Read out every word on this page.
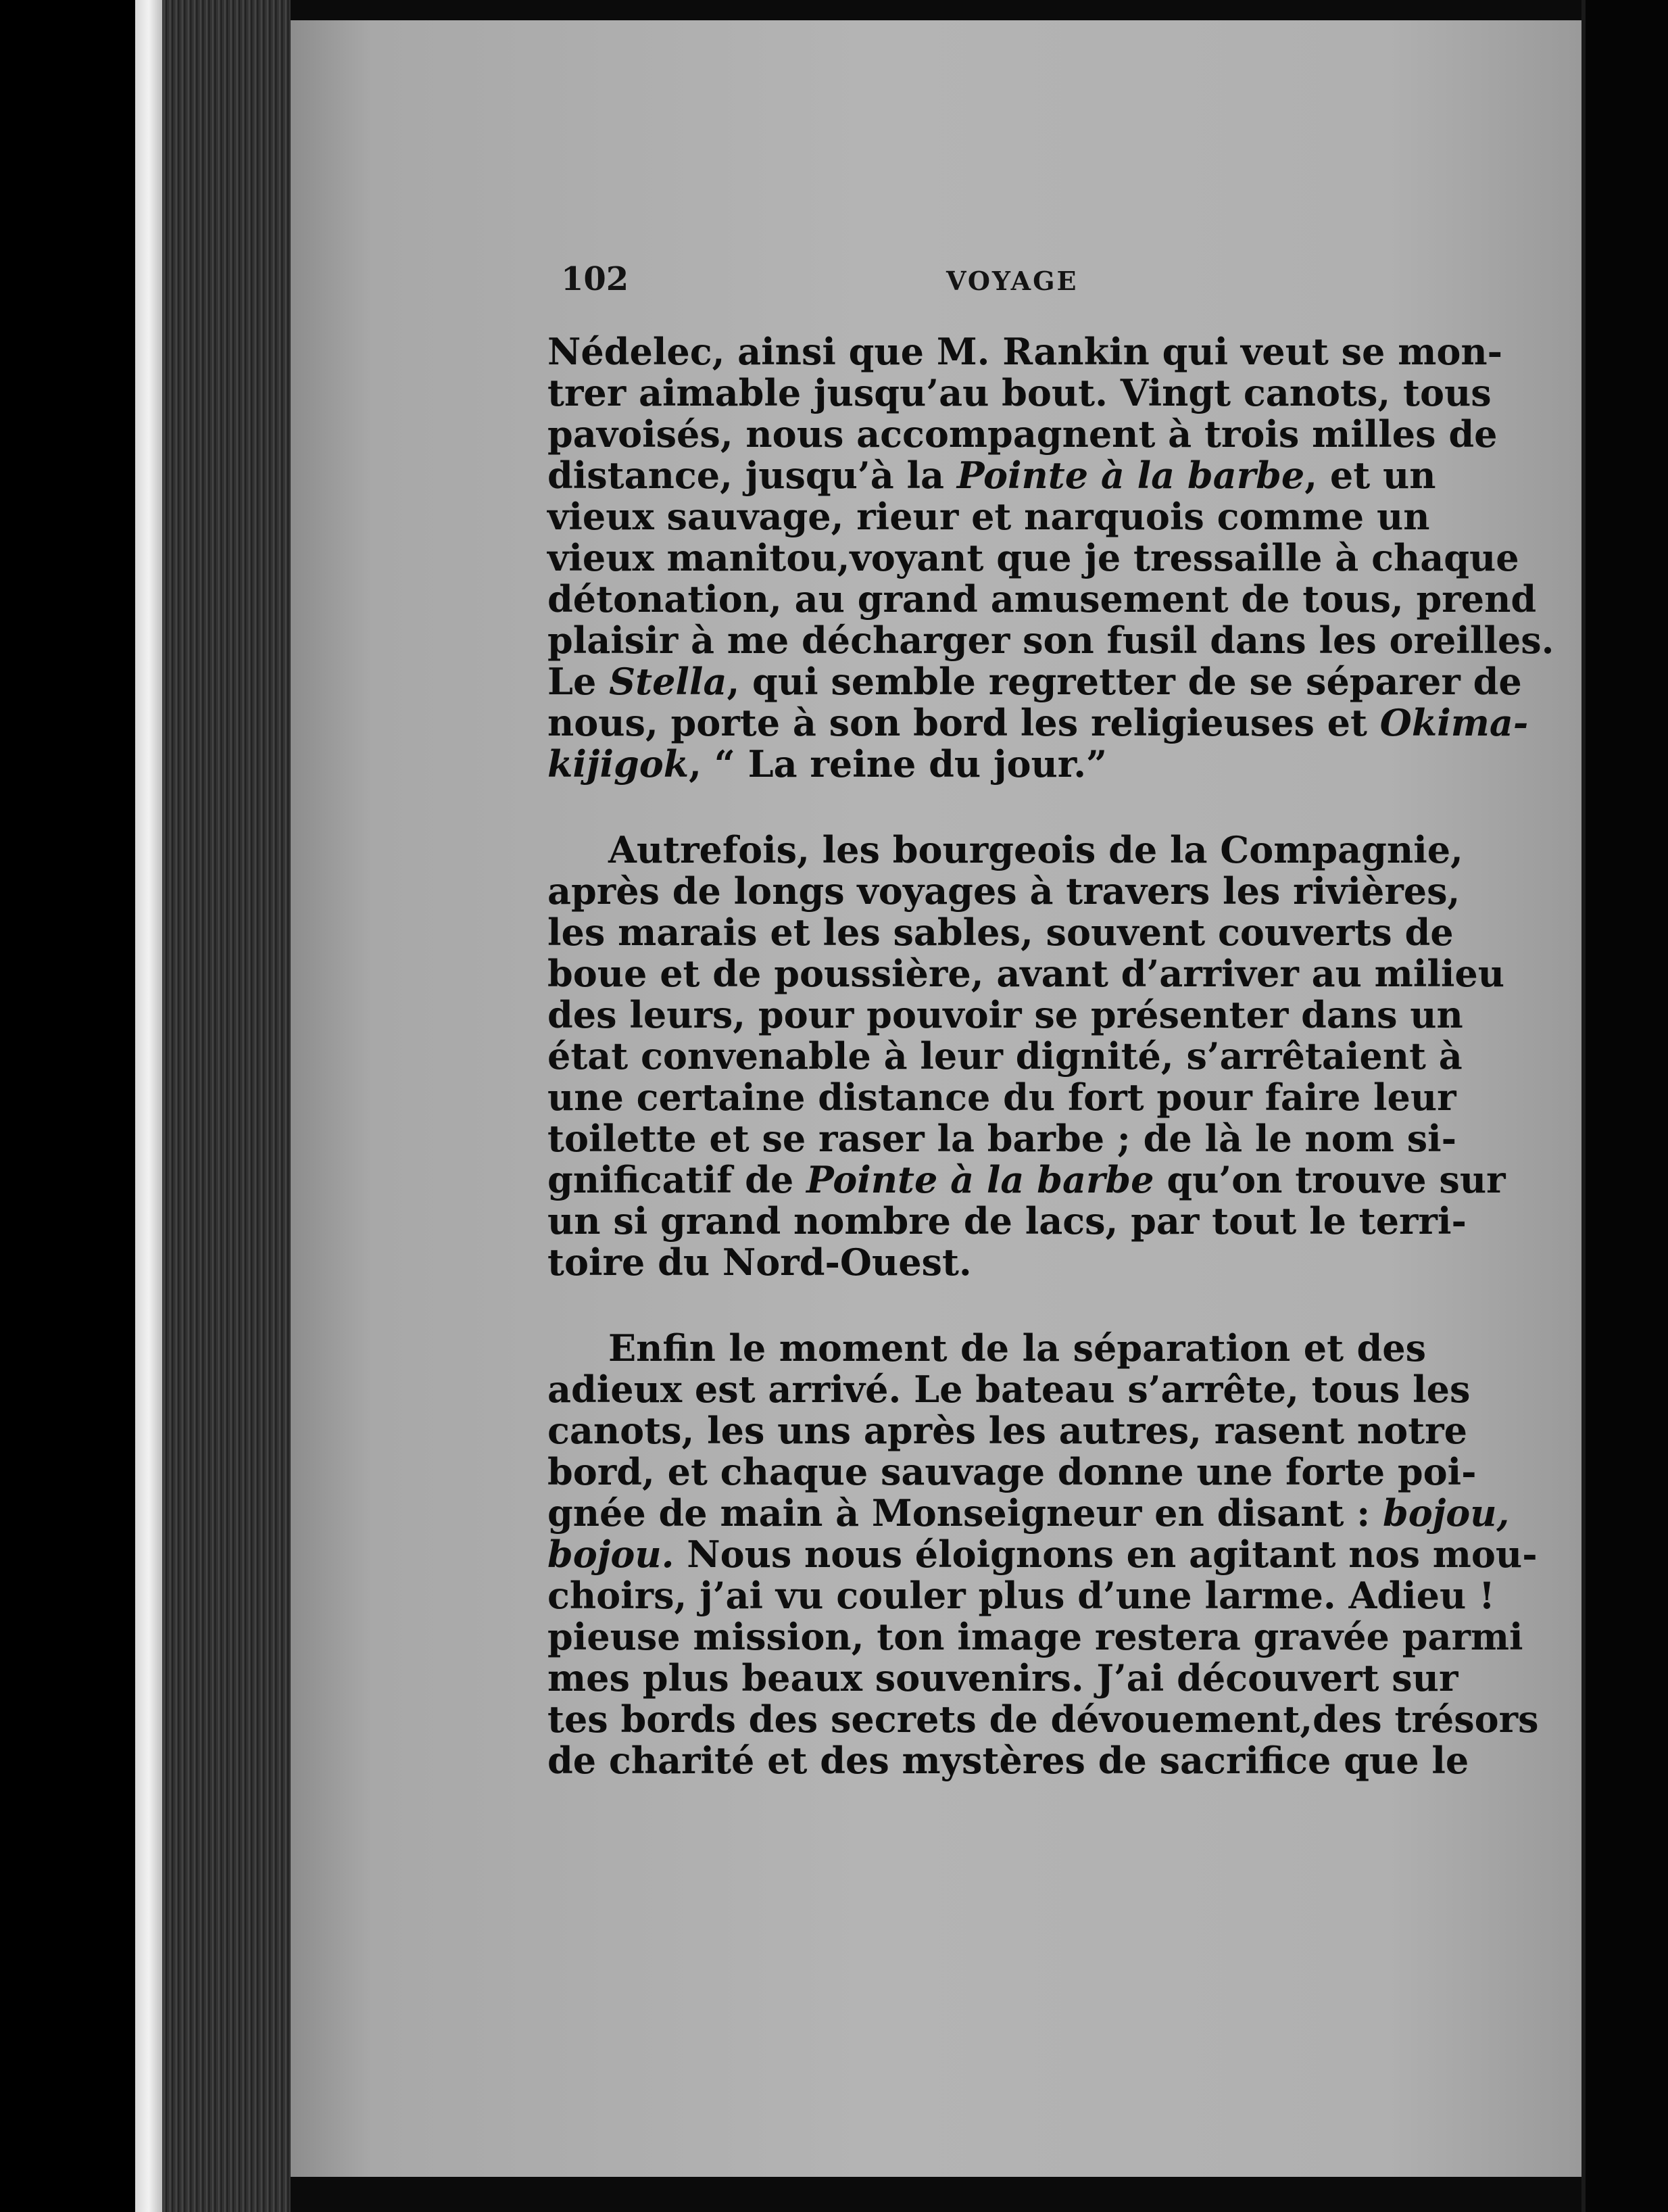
102	VOYAGE
Nédelec, ainsi que M. Rankin qui veut se mon-
trer aimable jusqu’au bout. Vingt canots, tous
pavoisés, nous accompagnent à trois milles de
distance, jusqu’à la Pointe à la barbe, et un
vieux sauvage, rieur et narquois comme un
vieux manitou,voyant que je tressaille à chaque
détonation, au grand amusement de tous, prend
plaisir à me décharger son fusil dans les oreilles.
Le Stella, qui semble regretter de se séparer de
nous, porte à son bord les religieuses et Okima-
kijigok, “ La reine du jour.”
Autrefois, les bourgeois de la Compagnie,
après de longs voyages à travers les rivières,
les marais et les sables, souvent couverts de
boue et de poussière, avant d’arriver au milieu
des leurs, pour pouvoir se présenter dans un
état convenable à leur dignité, s’arrêtaient à
une certaine distance du fort pour faire leur
toilette et se raser la barbe ; de là le nom si-
gnificatif de Pointe à la barbe qu’on trouve sur
un si grand nombre de lacs, par tout le terri-
toire du Nord-Ouest.
Enfin le moment de la séparation et des
adieux est arrivé. Le bateau s’arrête, tous les
canots, les uns après les autres, rasent notre
bord, et chaque sauvage donne une forte poi-
gnée de main à Monseigneur en disant : bojou,
bojou. Nous nous éloignons en agitant nos mou-
choirs, j’ai vu couler plus d’une larme. Adieu !
pieuse mission, ton image restera gravée parmi
mes plus beaux souvenirs. J’ai découvert sur
tes bords des secrets de dévouement,des trésors
de charité et des mystères de sacrifice que le
